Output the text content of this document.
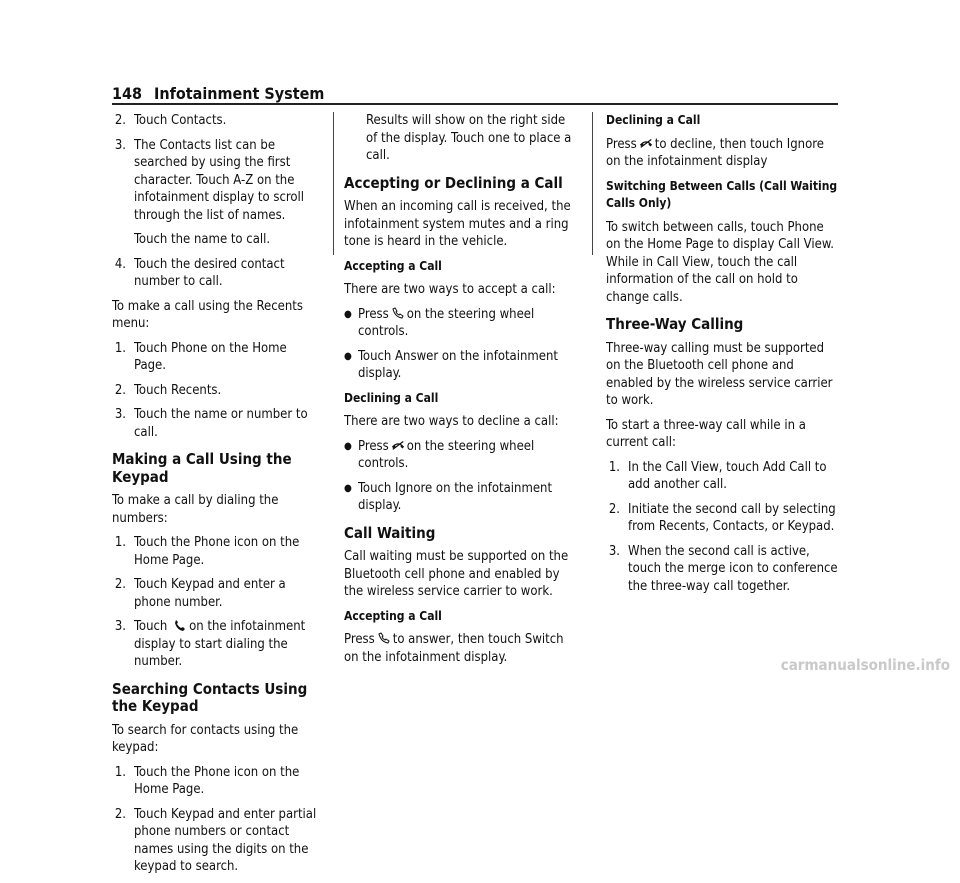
148 Infotainment System
2. Touch Contacts.
3. The Contacts list can be searched by using the first character. Touch A-Z on the infotainment display to scroll through the list of names.

Touch the name to call.

4. Touch the desired contact number to call.

To make a call using the Recents menu:

1. Touch Phone on the Home Page.
2. Touch Recents.
3. Touch the name or number to call.
Making a Call Using the Keypad

To make a call by dialing the numbers:

1. Touch the Phone icon on the Home Page.
2. Touch Keypad and enter a phone number.
3. Touch on the infotainment display to start dialing the number.
Searching Contacts Using the Keypad

To search for contacts using the keypad:

1. Touch the Phone icon on the Home Page.
2. Touch Keypad and enter partial phone numbers or contact names using the digits on the keypad to search.

Results will show on the right side of the display. Touch one to place a call.

Accepting or Declining a Call

When an incoming call is received, the infotainment system mutes and a ring tone is heard in the vehicle.

Accepting a Call

There are two ways to accept a call:

● Press on the steering wheel controls.
● Touch Answer on the infotainment display.
Declining a Call

There are two ways to decline a call:

● Press on the steering wheel controls.
● Touch Ignore on the infotainment display.
Call Waiting

Call waiting must be supported on the Bluetooth cell phone and enabled by the wireless service carrier to work.

Accepting a Call

Press to answer, then touch Switch on the infotainment display.

Declining a Call

Press to decline, then touch Ignore on the infotainment display

Switching Between Calls (Call Waiting Calls Only)

To switch between calls, touch Phone on the Home Page to display Call View. While in Call View, touch the call information of the call on hold to change calls.

Three-Way Calling

Three-way calling must be supported on the Bluetooth cell phone and enabled by the wireless service carrier to work.

To start a three-way call while in a current call:

1. In the Call View, touch Add Call to add another call.
2. Initiate the second call by selecting from Recents, Contacts, or Keypad.
3. When the second call is active, touch the merge icon to conference the three-way call together.
carmanualsonline.info
